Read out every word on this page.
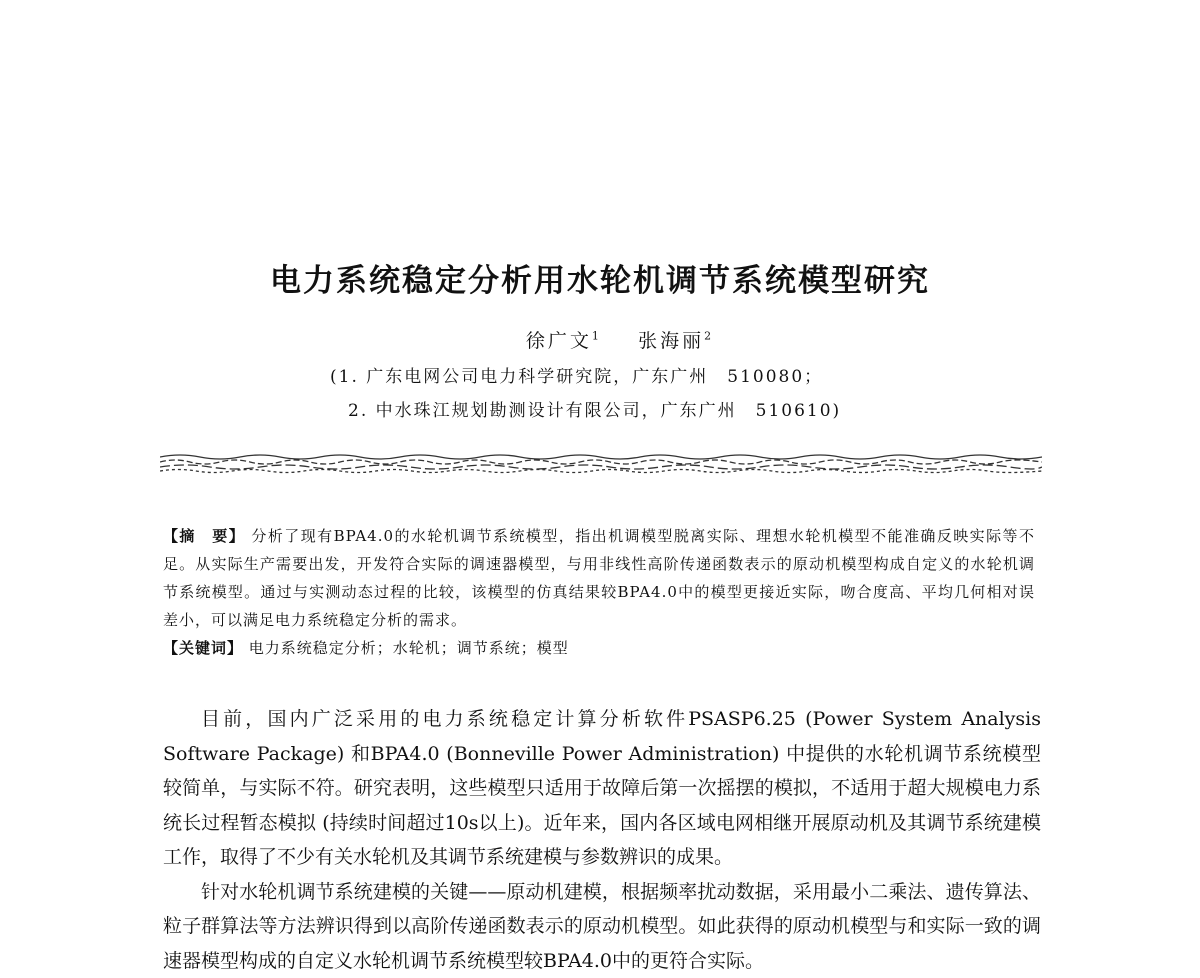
电力系统稳定分析用水轮机调节系统模型研究
徐广文$^1$ 张海丽$^2$
(1. 广东电网公司电力科学研究院，广东广州　510080；
2. 中水珠江规划勘测设计有限公司，广东广州　510610)
【摘　要】 分析了现有BPA4.0的水轮机调节系统模型，指出机调模型脱离实际、理想水轮机模型不能准确反映实际等不足。从实际生产需要出发，开发符合实际的调速器模型，与用非线性高阶传递函数表示的原动机模型构成自定义的水轮机调节系统模型。通过与实测动态过程的比较，该模型的仿真结果较BPA4.0中的模型更接近实际，吻合度高、平均几何相对误差小，可以满足电力系统稳定分析的需求。
【关键词】 电力系统稳定分析；水轮机；调节系统；模型

目前，国内广泛采用的电力系统稳定计算分析软件PSASP6.25 (Power System Analysis Software Package) 和BPA4.0 (Bonneville Power Administration) 中提供的水轮机调节系统模型较简单，与实际不符。研究表明，这些模型只适用于故障后第一次摇摆的模拟，不适用于超大规模电力系统长过程暂态模拟 (持续时间超过10s以上)。近年来，国内各区域电网相继开展原动机及其调节系统建模工作，取得了不少有关水轮机及其调节系统建模与参数辨识的成果。

针对水轮机调节系统建模的关键——原动机建模，根据频率扰动数据，采用最小二乘法、遗传算法、粒子群算法等方法辨识得到以高阶传递函数表示的原动机模型。如此获得的原动机模型与和实际一致的调速器模型构成的自定义水轮机调节系统模型较BPA4.0中的更符合实际。
